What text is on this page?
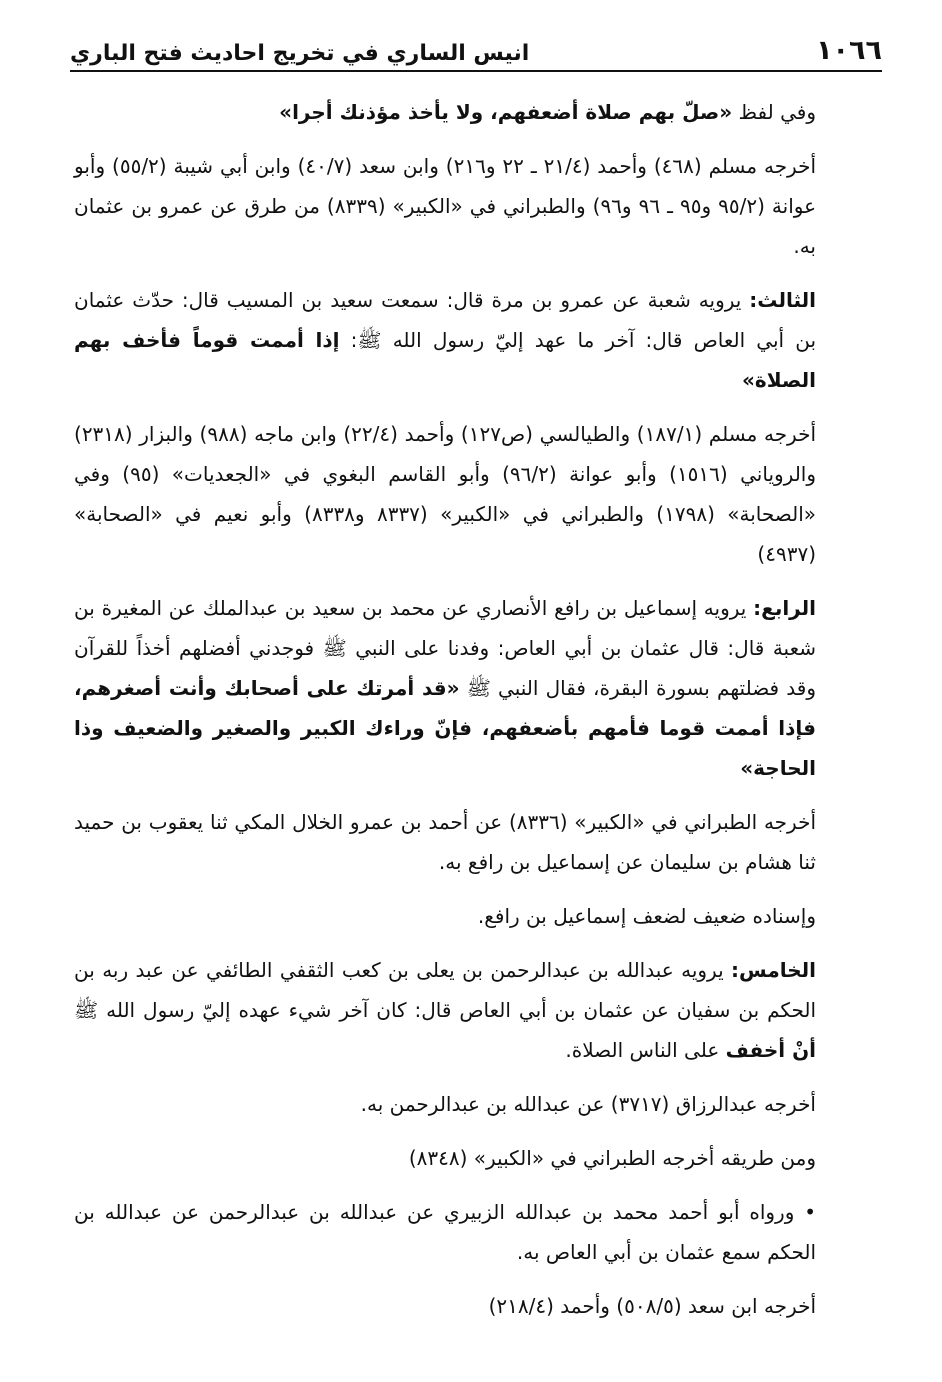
١٠٦٦
انيس الساري في تخريج احاديث فتح الباري

وفي لفظ «صلّ بهم صلاة أضعفهم، ولا يأخذ مؤذنك أجرا»

أخرجه مسلم (٤٦٨) وأحمد (٢١/٤ ـ ٢٢ و٢١٦) وابن سعد (٤٠/٧) وابن أبي شيبة (٥٥/٢) وأبو عوانة (٩٥/٢ و٩٥ ـ ٩٦ و٩٦) والطبراني في «الكبير» (٨٣٣٩) من طرق عن عمرو بن عثمان به.

الثالث: يرويه شعبة عن عمرو بن مرة قال: سمعت سعيد بن المسيب قال: حدّث عثمان بن أبي العاص قال: آخر ما عهد إليّ رسول الله ﷺ: إذا أممت قوماً فأخف بهم الصلاة»

أخرجه مسلم (١٨٧/١) والطيالسي (ص١٢٧) وأحمد (٢٢/٤) وابن ماجه (٩٨٨) والبزار (٢٣١٨) والروياني (١٥١٦) وأبو عوانة (٩٦/٢) وأبو القاسم البغوي في «الجعديات» (٩٥) وفي «الصحابة» (١٧٩٨) والطبراني في «الكبير» (٨٣٣٧ و٨٣٣٨) وأبو نعيم في «الصحابة» (٤٩٣٧)

الرابع: يرويه إسماعيل بن رافع الأنصاري عن محمد بن سعيد بن عبدالملك عن المغيرة بن شعبة قال: قال عثمان بن أبي العاص: وفدنا على النبي ﷺ فوجدني أفضلهم أخذاً للقرآن وقد فضلتهم بسورة البقرة، فقال النبي ﷺ «قد أمرتك على أصحابك وأنت أصغرهم، فإذا أممت قوما فأمهم بأضعفهم، فإنّ وراءك الكبير والصغير والضعيف وذا الحاجة»

أخرجه الطبراني في «الكبير» (٨٣٣٦) عن أحمد بن عمرو الخلال المكي ثنا يعقوب بن حميد ثنا هشام بن سليمان عن إسماعيل بن رافع به.

وإسناده ضعيف لضعف إسماعيل بن رافع.

الخامس: يرويه عبدالله بن عبدالرحمن بن يعلى بن كعب الثقفي الطائفي عن عبد ربه بن الحكم بن سفيان عن عثمان بن أبي العاص قال: كان آخر شيء عهده إليّ رسول الله ﷺ أنْ أخفف على الناس الصلاة.

أخرجه عبدالرزاق (٣٧١٧) عن عبدالله بن عبدالرحمن به.

ومن طريقه أخرجه الطبراني في «الكبير» (٨٣٤٨)

• ورواه أبو أحمد محمد بن عبدالله الزبيري عن عبدالله بن عبدالرحمن عن عبدالله بن الحكم سمع عثمان بن أبي العاص به.

أخرجه ابن سعد (٥٠٨/٥) وأحمد (٢١٨/٤)
